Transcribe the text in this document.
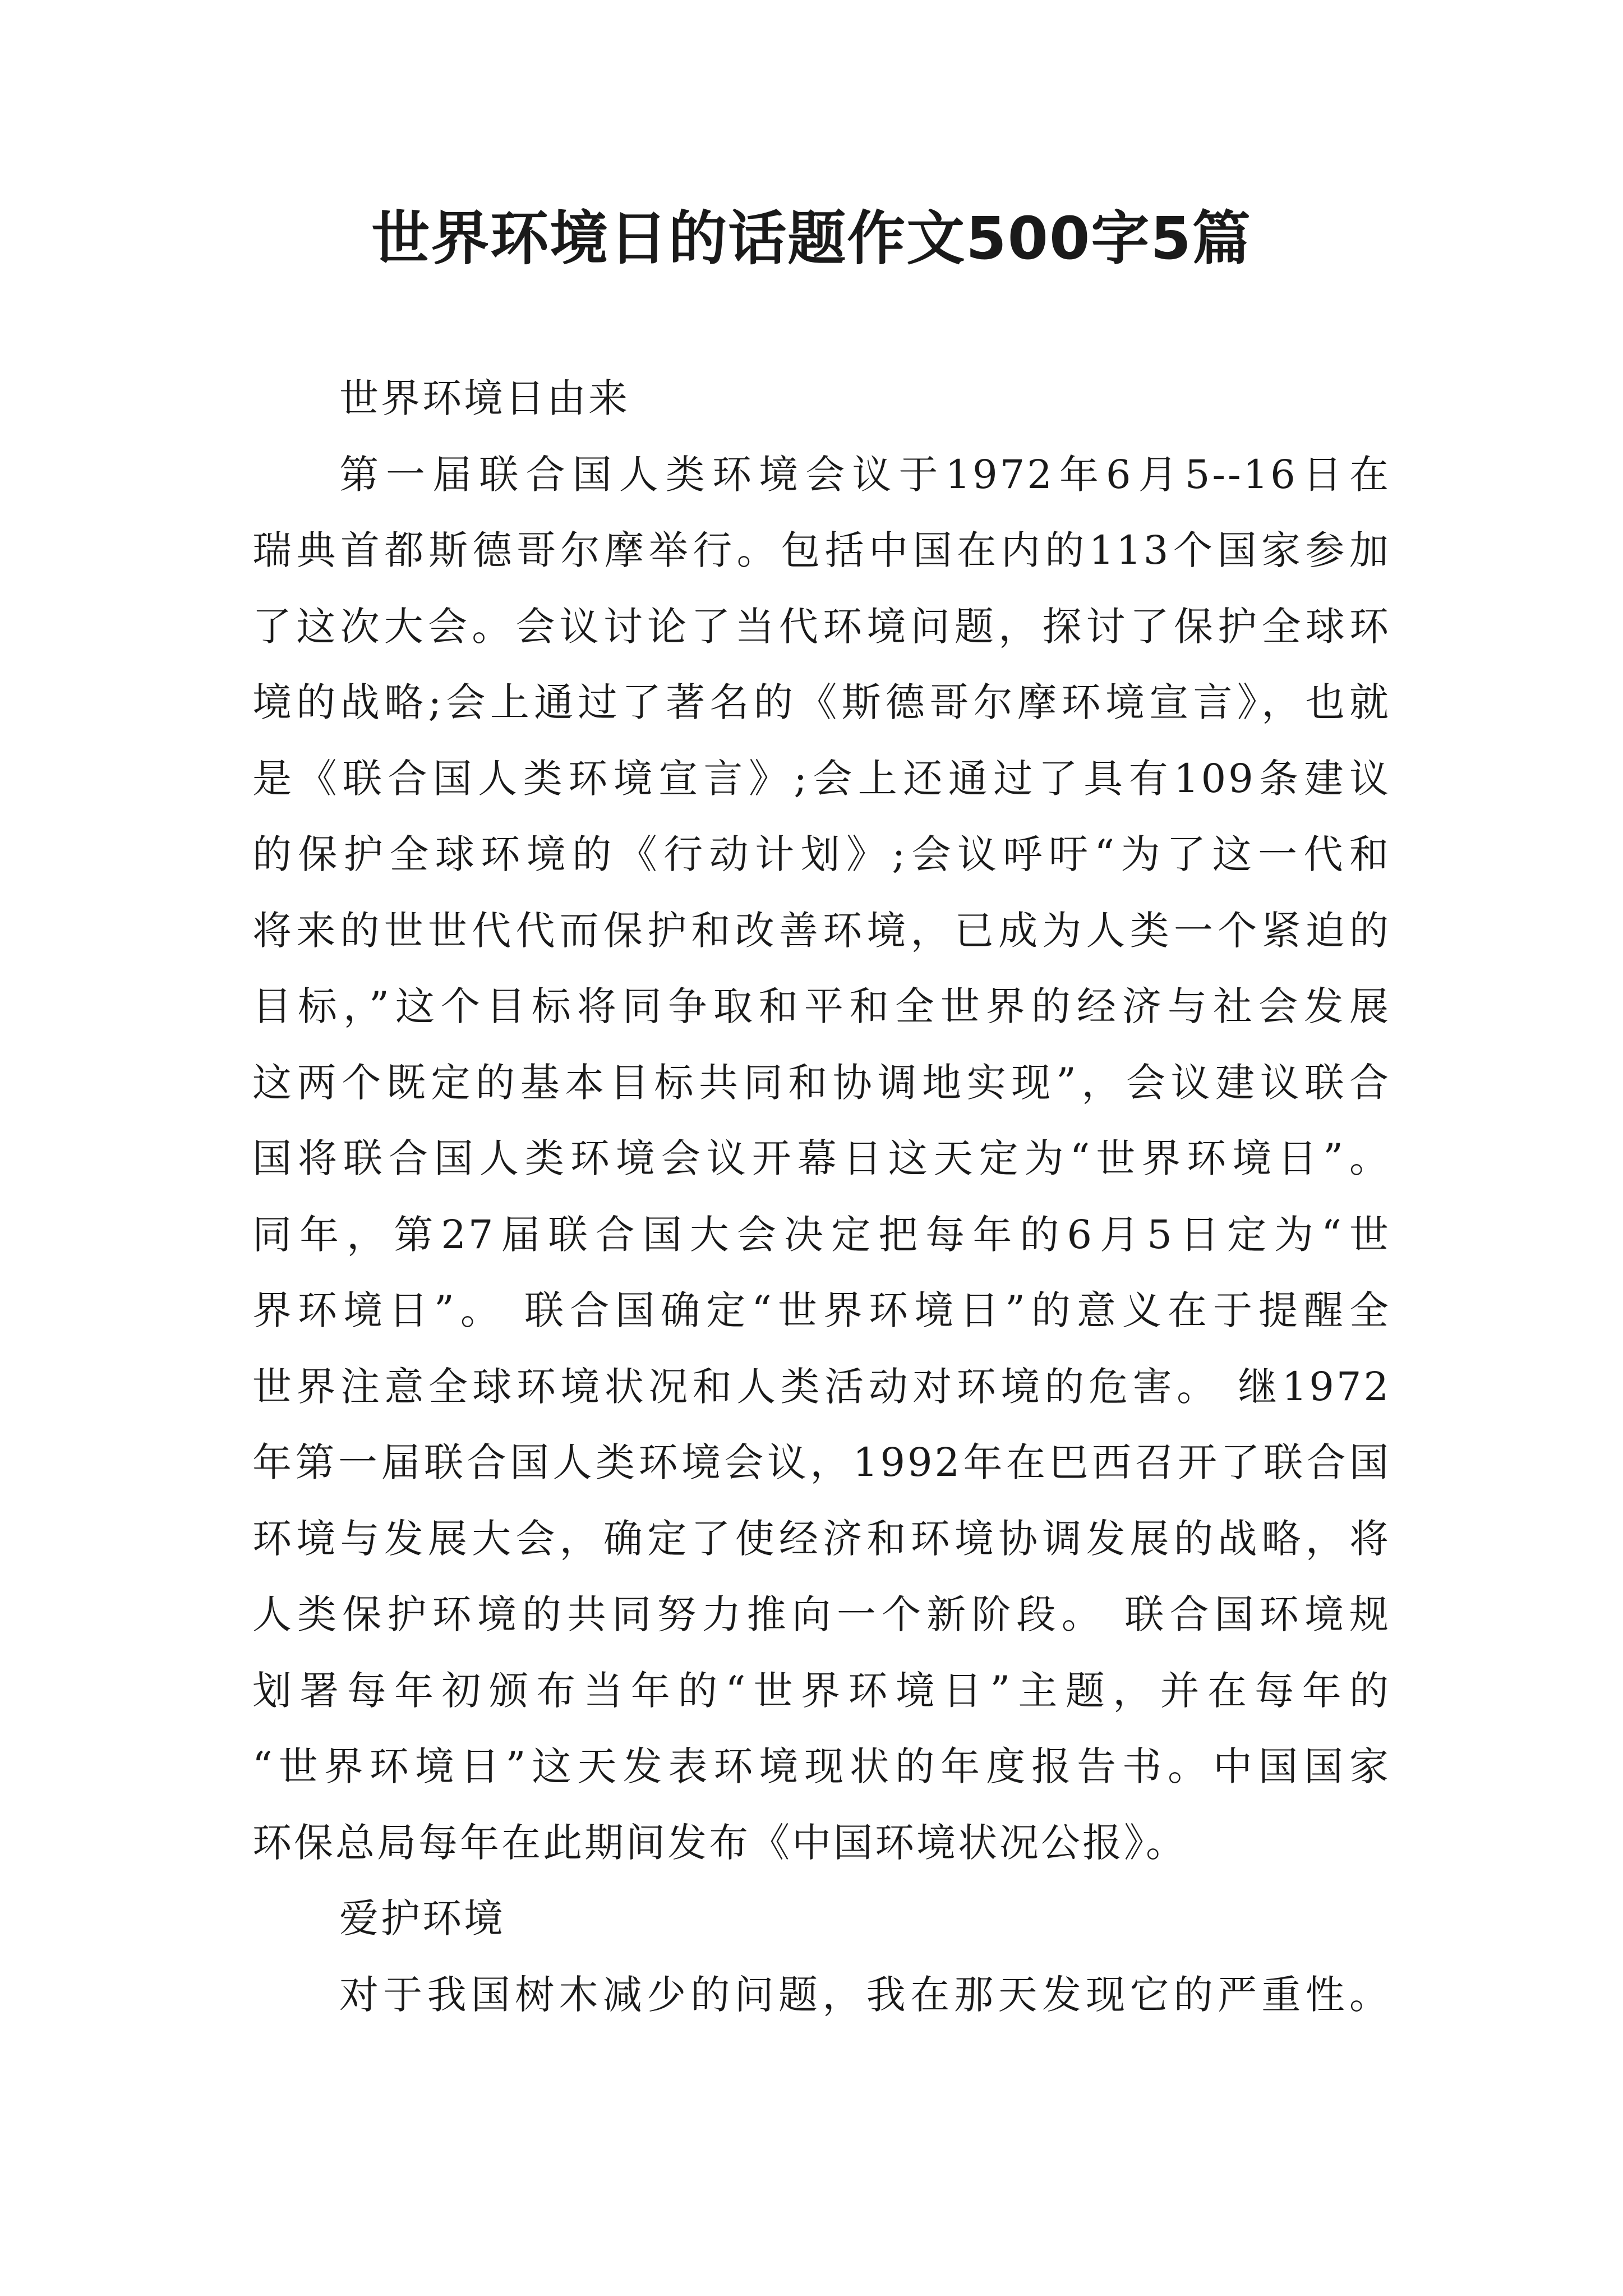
世界环境日的话题作文500字5篇
世界环境日由来
第一届联合国人类环境会议于1972年6月5--16日在
瑞典首都斯德哥尔摩举行。包括中国在内的113个国家参加
了这次大会。会议讨论了当代环境问题，探讨了保护全球环
境的战略;会上通过了著名的《斯德哥尔摩环境宣言》，也就
是《联合国人类环境宣言》;会上还通过了具有109条建议
的保护全球环境的《行动计划》;会议呼吁“为了这一代和
将来的世世代代而保护和改善环境，已成为人类一个紧迫的
目标，”这个目标将同争取和平和全世界的经济与社会发展
这两个既定的基本目标共同和协调地实现”，会议建议联合
国将联合国人类环境会议开幕日这天定为“世界环境日”。
同年，第27届联合国大会决定把每年的6月5日定为“世
界环境日”。 联合国确定“世界环境日”的意义在于提醒全
世界注意全球环境状况和人类活动对环境的危害。 继1972
年第一届联合国人类环境会议，1992年在巴西召开了联合国
环境与发展大会，确定了使经济和环境协调发展的战略，将
人类保护环境的共同努力推向一个新阶段。 联合国环境规
划署每年初颁布当年的“世界环境日”主题，并在每年的
“世界环境日”这天发表环境现状的年度报告书。中国国家
环保总局每年在此期间发布《中国环境状况公报》。
爱护环境
对于我国树木减少的问题，我在那天发现它的严重性。
